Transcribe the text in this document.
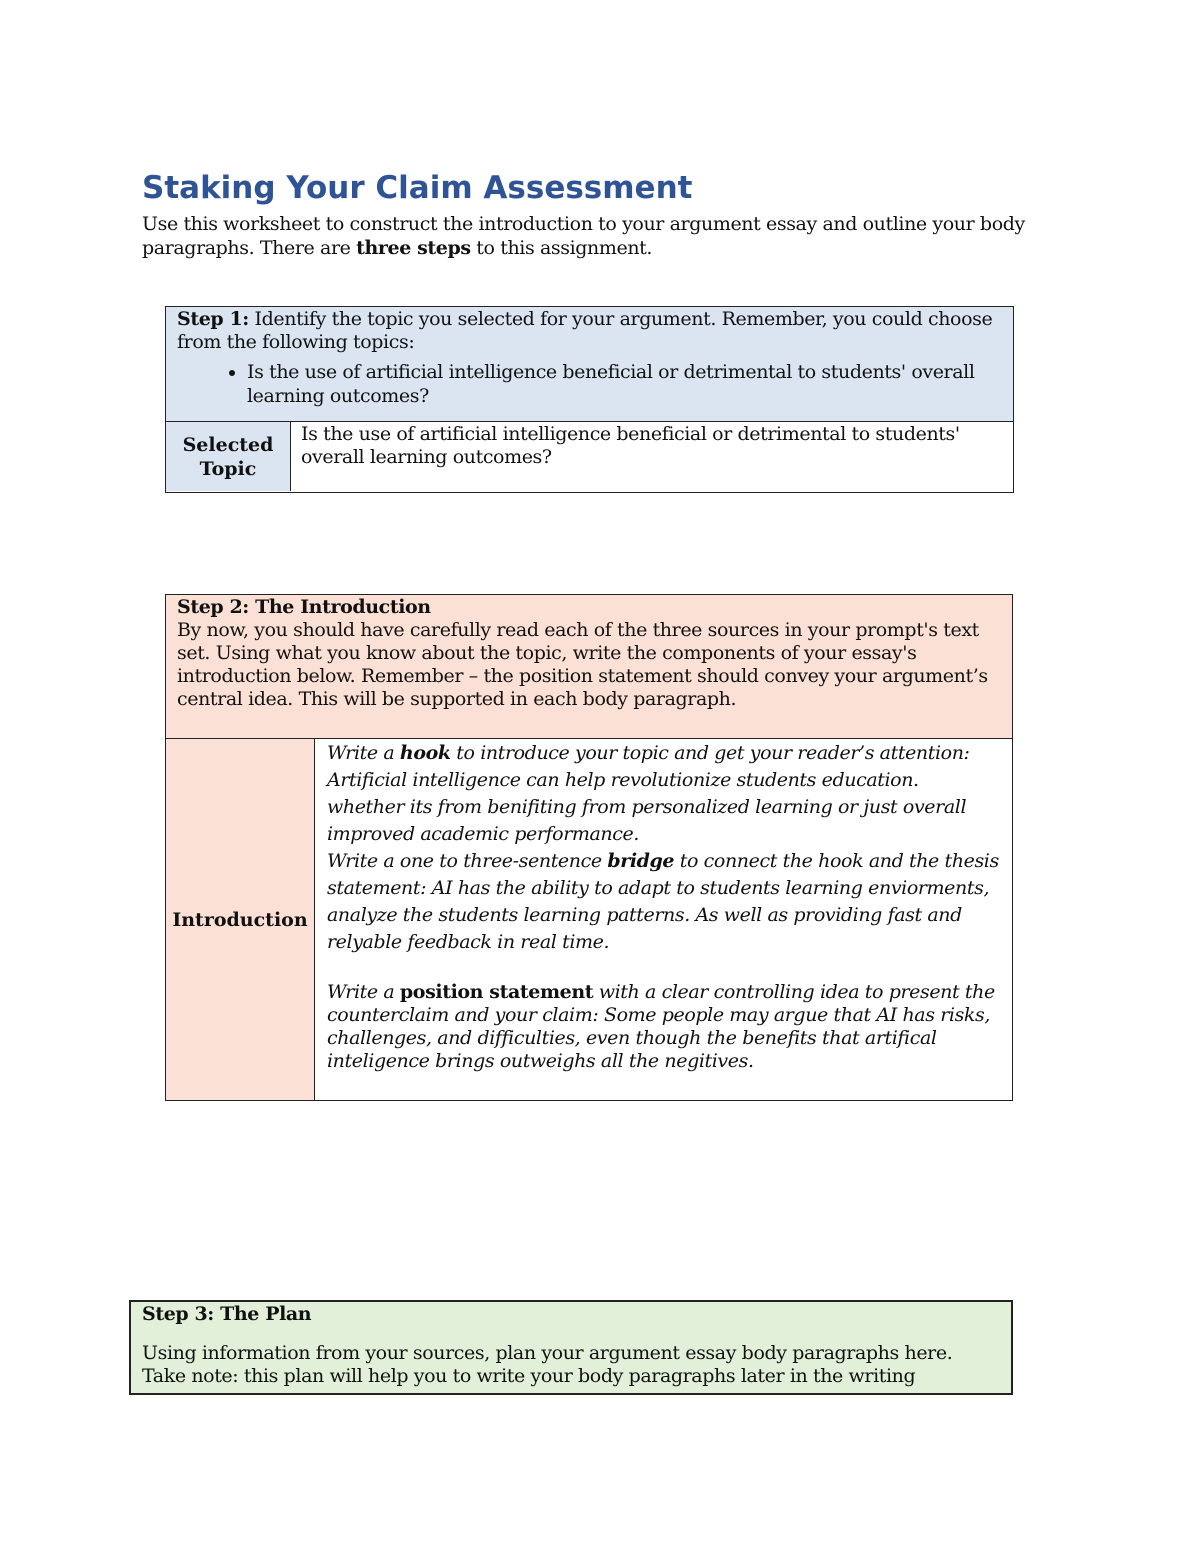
Staking Your Claim Assessment

Use this worksheet to construct the introduction to your argument essay and outline your body paragraphs. There are three steps to this assignment.

Step 1: Identify the topic you selected for your argument. Remember, you could choose from the following topics:

• Is the use of artificial intelligence beneficial or detrimental to students' overall learning outcomes?
Selected
Topic

Is the use of artificial intelligence beneficial or detrimental to students' overall learning outcomes?

Step 2: The Introduction

By now, you should have carefully read each of the three sources in your prompt's text set. Using what you know about the topic, write the components of your essay's introduction below. Remember – the position statement should convey your argument’s central idea. This will be supported in each body paragraph.

Introduction

Write a hook to introduce your topic and get your reader’s attention: Artificial intelligence can help revolutionize students education. whether its from benifiting from personalized learning or just overall improved academic performance.

Write a one to three-sentence bridge to connect the hook and the thesis statement: AI has the ability to adapt to students learning enviorments, analyze the students learning patterns. As well as providing fast and relyable feedback in real time.

Write a position statement with a clear controlling idea to present the counterclaim and your claim: Some people may argue that AI has risks, challenges, and difficulties, even though the benefits that artifical inteligence brings outweighs all the negitives.

Step 3: The Plan

Using information from your sources, plan your argument essay body paragraphs here.

Take note: this plan will help you to write your body paragraphs later in the writing
